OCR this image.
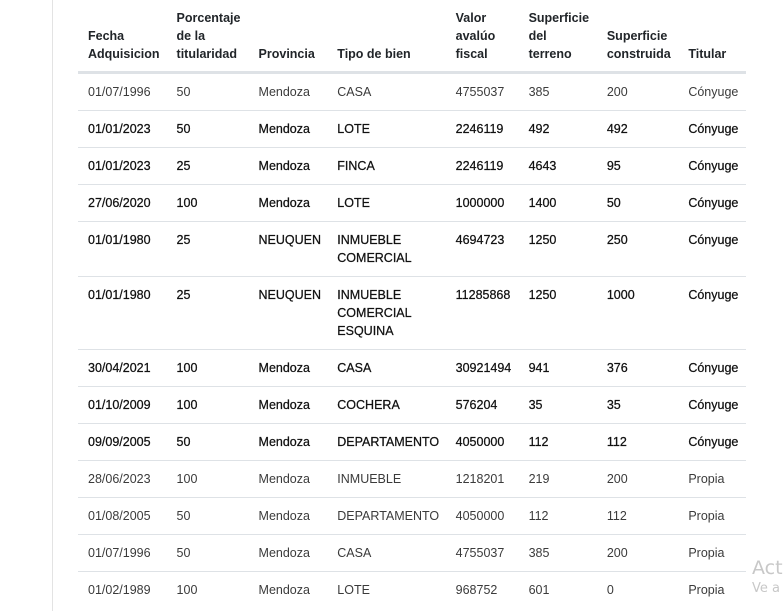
Fecha Adquisicion	Porcentaje de la titularidad	Provincia	Tipo de bien	Valor avalúo fiscal	Superficie del terreno	Superficie construida	Titular
01/07/1996	50	Mendoza	CASA	4755037	385	200	Cónyuge
01/01/2023	50	Mendoza	LOTE	2246119	492	492	Cónyuge
01/01/2023	25	Mendoza	FINCA	2246119	4643	95	Cónyuge
27/06/2020	100	Mendoza	LOTE	1000000	1400	50	Cónyuge
01/01/1980	25	NEUQUEN	INMUEBLE COMERCIAL	4694723	1250	250	Cónyuge
01/01/1980	25	NEUQUEN	INMUEBLE COMERCIAL ESQUINA	11285868	1250	1000	Cónyuge
30/04/2021	100	Mendoza	CASA	30921494	941	376	Cónyuge
01/10/2009	100	Mendoza	COCHERA	576204	35	35	Cónyuge
09/09/2005	50	Mendoza	DEPARTAMENTO	4050000	112	112	Cónyuge
28/06/2023	100	Mendoza	INMUEBLE	1218201	219	200	Propia
01/08/2005	50	Mendoza	DEPARTAMENTO	4050000	112	112	Propia
01/07/1996	50	Mendoza	CASA	4755037	385	200	Propia
01/02/1989	100	Mendoza	LOTE	968752	601	0	Propia
Act
Ve a
